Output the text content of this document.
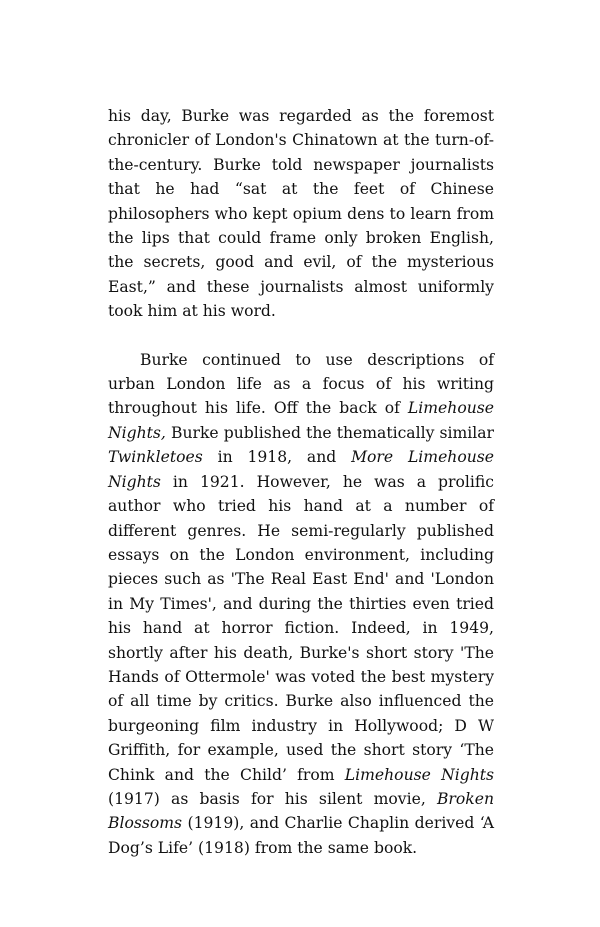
his day, Burke was regarded as the foremost chronicler of London's Chinatown at the turn-of-the-century. Burke told newspaper journalists that he had “sat at the feet of Chinese philosophers who kept opium dens to learn from the lips that could frame only broken English, the secrets, good and evil, of the mysterious East,” and these journalists almost uniformly took him at his word.

Burke continued to use descriptions of urban London life as a focus of his writing throughout his life. Off the back of Limehouse Nights, Burke published the thematically similar Twinkletoes in 1918, and More Limehouse Nights in 1921. However, he was a prolific author who tried his hand at a number of different genres. He semi-regularly published essays on the London environment, including pieces such as 'The Real East End' and 'London in My Times', and during the thirties even tried his hand at horror fiction. Indeed, in 1949, shortly after his death, Burke's short story 'The Hands of Ottermole' was voted the best mystery of all time by critics. Burke also influenced the burgeoning film industry in Hollywood; D W Griffith, for example, used the short story ‘The Chink and the Child’ from Limehouse Nights (1917) as basis for his silent movie, Broken Blossoms (1919), and Charlie Chaplin derived ‘A Dog’s Life’ (1918) from the same book.
